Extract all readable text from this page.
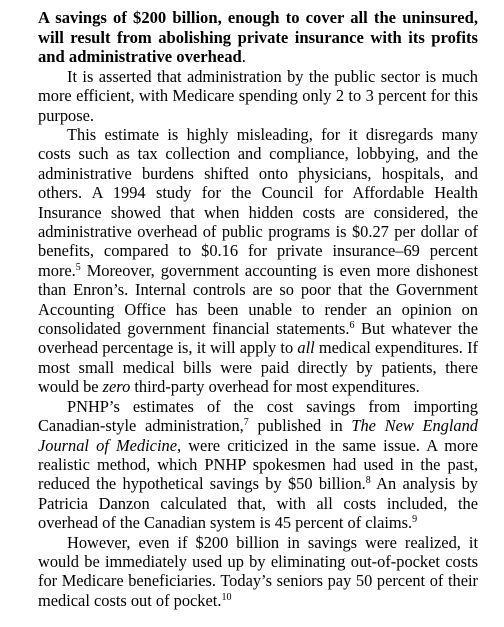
A savings of $200 billion, enough to cover all the uninsured, will result from abolishing private insurance with its profits and administrative overhead.

It is asserted that administration by the public sector is much more efficient, with Medicare spending only 2 to 3 percent for this purpose.

This estimate is highly misleading, for it disregards many costs such as tax collection and compliance, lobbying, and the administrative burdens shifted onto physicians, hospitals, and others. A 1994 study for the Council for Affordable Health Insurance showed that when hidden costs are considered, the administrative overhead of public programs is $0.27 per dollar of benefits, compared to $0.16 for private insurance–69 percent more.$^5$ Moreover, government accounting is even more dishonest than Enron’s. Internal controls are so poor that the Government Accounting Office has been unable to render an opinion on consolidated government financial statements.$^6$ But whatever the overhead percentage is, it will apply to all medical expenditures. If most small medical bills were paid directly by patients, there would be zero third-party overhead for most expenditures.

PNHP’s estimates of the cost savings from importing Canadian-style administration,$^7$ published in The New England Journal of Medicine, were criticized in the same issue. A more realistic method, which PNHP spokesmen had used in the past, reduced the hypothetical savings by $50 billion.$^8$ An analysis by Patricia Danzon calculated that, with all costs included, the overhead of the Canadian system is 45 percent of claims.$^9$

However, even if $200 billion in savings were realized, it would be immediately used up by eliminating out-of-pocket costs for Medicare beneficiaries. Today’s seniors pay 50 percent of their medical costs out of pocket.$^{10}$
